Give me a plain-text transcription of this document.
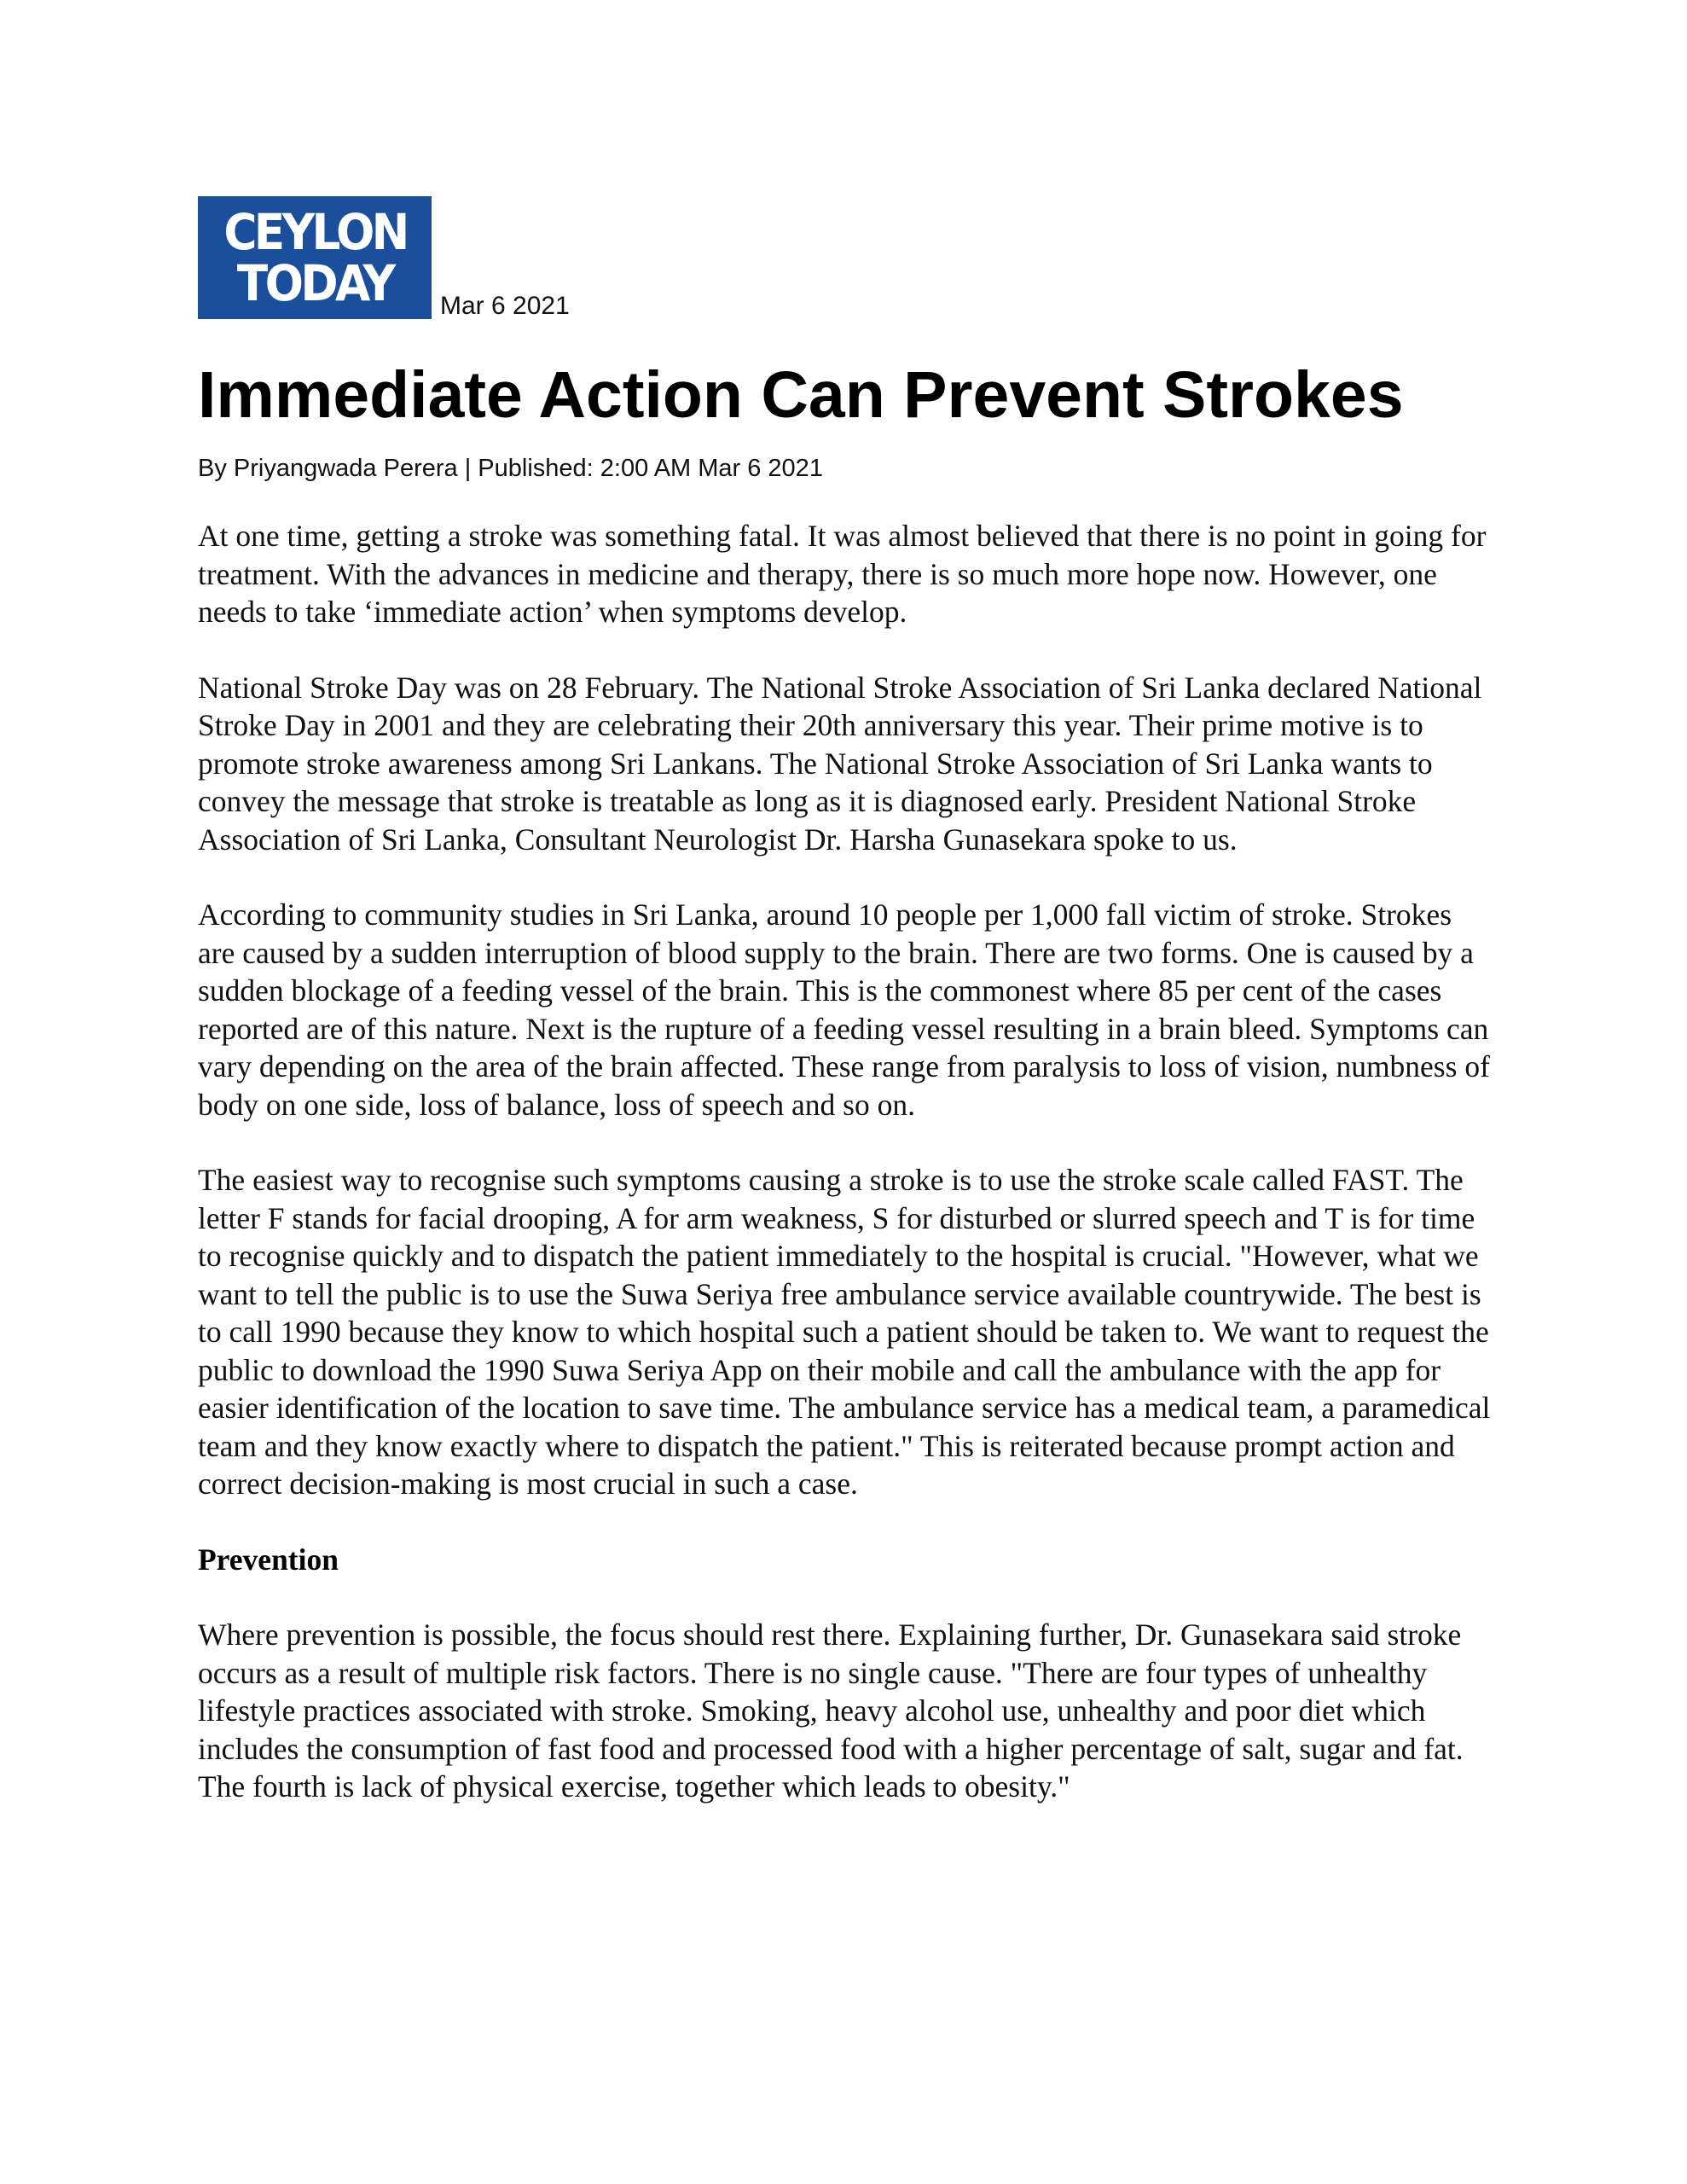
CEYLON
TODAY Mar 6 2021
Immediate Action Can Prevent Strokes
By Priyangwada Perera | Published: 2:00 AM Mar 6 2021

At one time, getting a stroke was something fatal. It was almost believed that there is no point in going for treatment. With the advances in medicine and therapy, there is so much more hope now. However, one needs to take ‘immediate action’ when symptoms develop.

National Stroke Day was on 28 February. The National Stroke Association of Sri Lanka declared National Stroke Day in 2001 and they are celebrating their 20th anniversary this year. Their prime motive is to promote stroke awareness among Sri Lankans. The National Stroke Association of Sri Lanka wants to convey the message that stroke is treatable as long as it is diagnosed early. President National Stroke Association of Sri Lanka, Consultant Neurologist Dr. Harsha Gunasekara spoke to us.

According to community studies in Sri Lanka, around 10 people per 1,000 fall victim of stroke. Strokes are caused by a sudden interruption of blood supply to the brain. There are two forms. One is caused by a sudden blockage of a feeding vessel of the brain. This is the commonest where 85 per cent of the cases reported are of this nature. Next is the rupture of a feeding vessel resulting in a brain bleed. Symptoms can vary depending on the area of the brain affected. These range from paralysis to loss of vision, numbness of body on one side, loss of balance, loss of speech and so on.

The easiest way to recognise such symptoms causing a stroke is to use the stroke scale called FAST. The letter F stands for facial drooping, A for arm weakness, S for disturbed or slurred speech and T is for time to recognise quickly and to dispatch the patient immediately to the hospital is crucial. "However, what we want to tell the public is to use the Suwa Seriya free ambulance service available countrywide. The best is to call 1990 because they know to which hospital such a patient should be taken to. We want to request the public to download the 1990 Suwa Seriya App on their mobile and call the ambulance with the app for easier identification of the location to save time. The ambulance service has a medical team, a paramedical team and they know exactly where to dispatch the patient." This is reiterated because prompt action and correct decision-making is most crucial in such a case.

Prevention

Where prevention is possible, the focus should rest there. Explaining further, Dr. Gunasekara said stroke occurs as a result of multiple risk factors. There is no single cause. "There are four types of unhealthy lifestyle practices associated with stroke. Smoking, heavy alcohol use, unhealthy and poor diet which includes the consumption of fast food and processed food with a higher percentage of salt, sugar and fat. The fourth is lack of physical exercise, together which leads to obesity."
